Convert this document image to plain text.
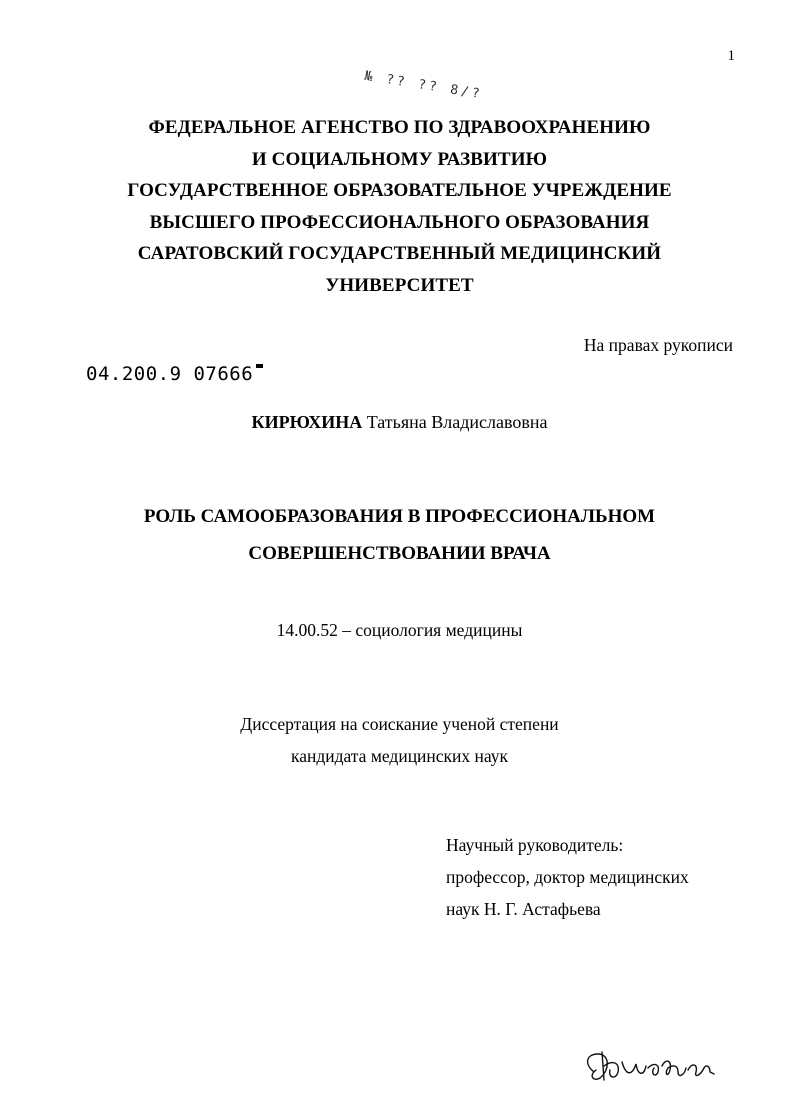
1
№ ?? ?? 8/?
ФЕДЕРАЛЬНОЕ АГЕНСТВО ПО ЗДРАВООХРАНЕНИЮ
И СОЦИАЛЬНОМУ РАЗВИТИЮ
ГОСУДАРСТВЕННОЕ ОБРАЗОВАТЕЛЬНОЕ УЧРЕЖДЕНИЕ
ВЫСШЕГО ПРОФЕССИОНАЛЬНОГО ОБРАЗОВАНИЯ
САРАТОВСКИЙ ГОСУДАРСТВЕННЫЙ МЕДИЦИНСКИЙ
УНИВЕРСИТЕТ
На правах рукописи
04.200.9 07666
КИРЮХИНА Татьяна Владиславовна
РОЛЬ САМООБРАЗОВАНИЯ В ПРОФЕССИОНАЛЬНОМ
СОВЕРШЕНСТВОВАНИИ ВРАЧА
14.00.52 – социология медицины
Диссертация на соискание ученой степени
кандидата медицинских наук
Научный руководитель:
профессор, доктор медицинских
наук Н. Г. Астафьева
